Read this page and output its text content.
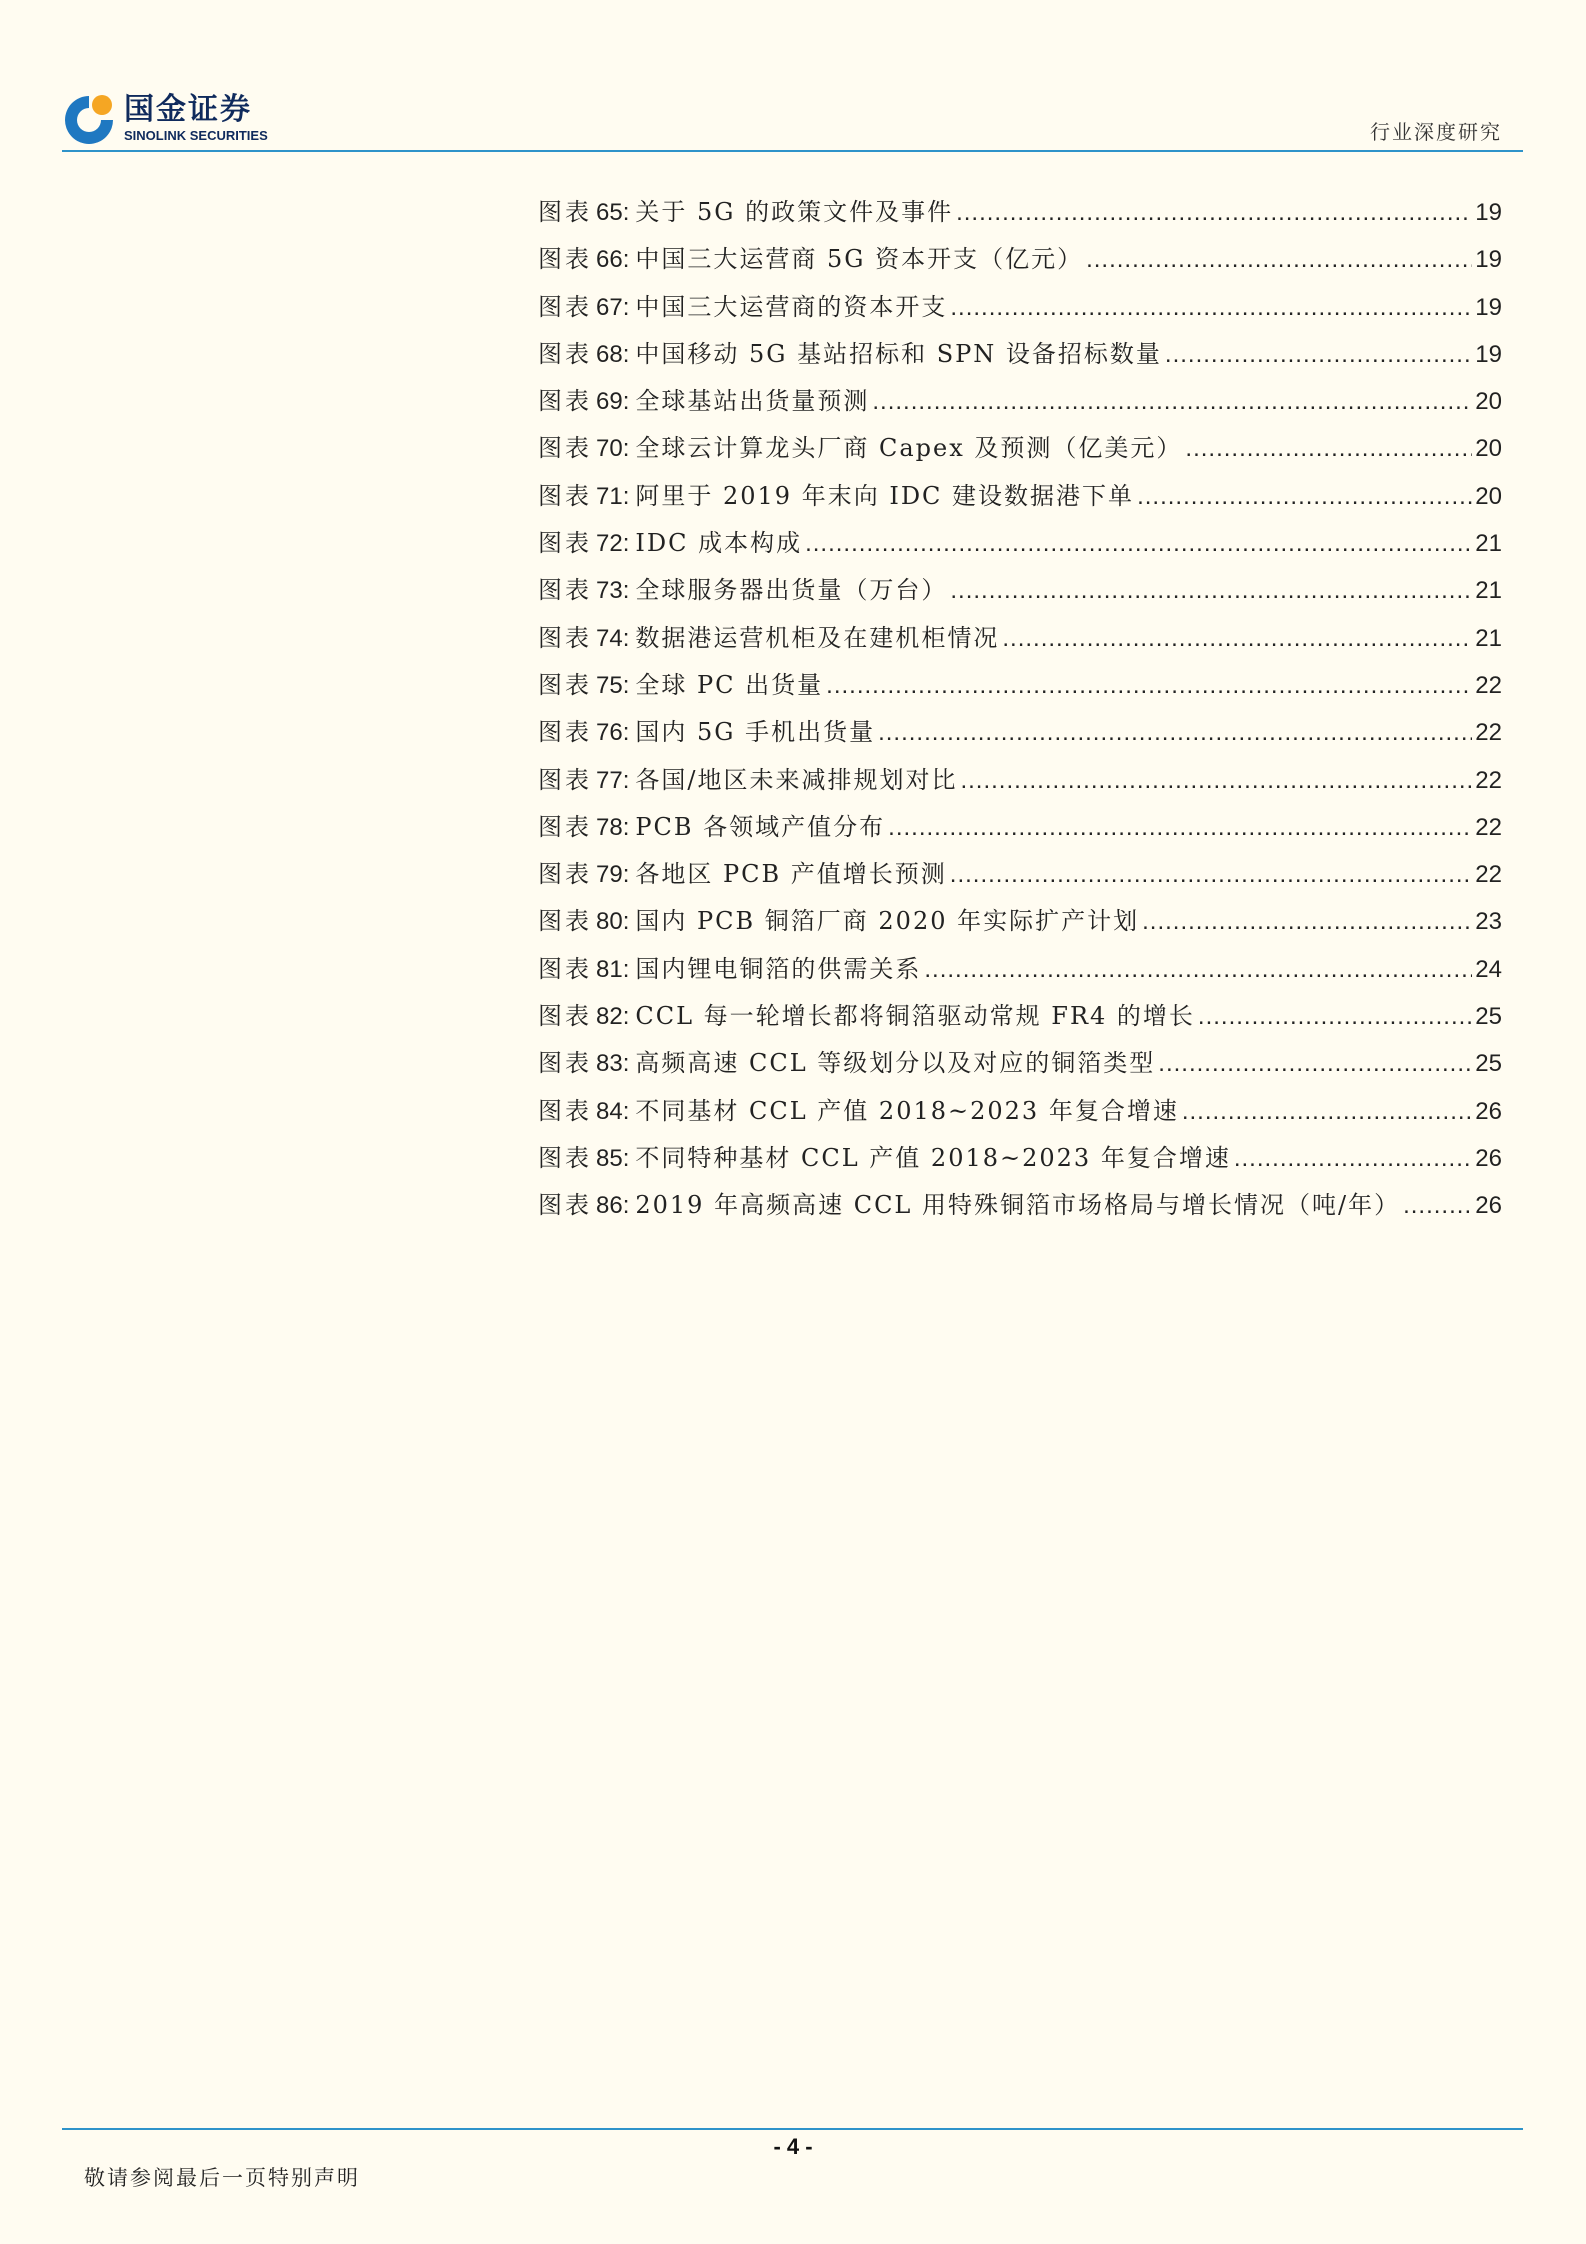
国金证券
SINOLINK SECURITIES	行业深度研究
图表 65: 关于 5G 的政策文件及事件 .....	19
图表 66: 中国三大运营商 5G 资本开支（亿元） .....	19
图表 67: 中国三大运营商的资本开支 .....	19
图表 68: 中国移动 5G 基站招标和 SPN 设备招标数量 .....	19
图表 69: 全球基站出货量预测 .....	20
图表 70: 全球云计算龙头厂商 Capex 及预测（亿美元） .....	20
图表 71: 阿里于 2019 年末向 IDC 建设数据港下单 .....	20
图表 72: IDC 成本构成 .....	21
图表 73: 全球服务器出货量（万台） .....	21
图表 74: 数据港运营机柜及在建机柜情况 .....	21
图表 75: 全球 PC 出货量 .....	22
图表 76: 国内 5G 手机出货量 .....	22
图表 77: 各国/地区未来减排规划对比 .....	22
图表 78: PCB 各领域产值分布 .....	22
图表 79: 各地区 PCB 产值增长预测 .....	22
图表 80: 国内 PCB 铜箔厂商 2020 年实际扩产计划 .....	23
图表 81: 国内锂电铜箔的供需关系 .....	24
图表 82: CCL 每一轮增长都将铜箔驱动常规 FR4 的增长 .....	25
图表 83: 高频高速 CCL 等级划分以及对应的铜箔类型 .....	25
图表 84: 不同基材 CCL 产值 2018~2023 年复合增速 .....	26
图表 85: 不同特种基材 CCL 产值 2018~2023 年复合增速 .....	26
图表 86: 2019 年高频高速 CCL 用特殊铜箔市场格局与增长情况（吨/年） .....	26
- 4 -
敬请参阅最后一页特别声明
